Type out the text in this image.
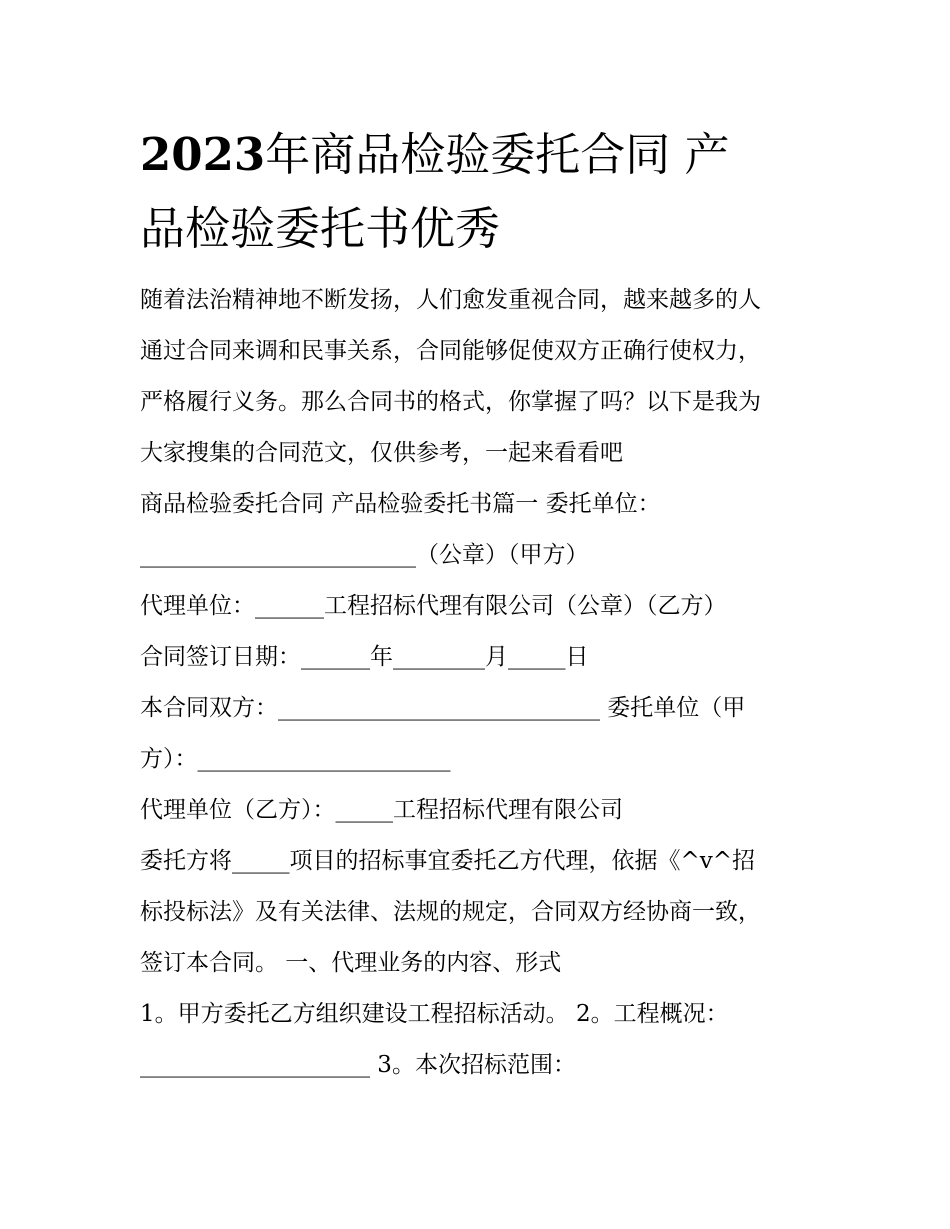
2023年商品检验委托合同 产
品检验委托书优秀
随着法治精神地不断发扬，人们愈发重视合同，越来越多的人
通过合同来调和民事关系，合同能够促使双方正确行使权力，
严格履行义务。那么合同书的格式，你掌握了吗？以下是我为
大家搜集的合同范文，仅供参考，一起来看看吧
商品检验委托合同 产品检验委托书篇一 委托单位：
________________________（公章）（甲方）
代理单位：______工程招标代理有限公司（公章）（乙方）
合同签订日期：______年________月_____日
本合同双方：____________________________ 委托单位（甲
方）：______________________
代理单位（乙方）：_____工程招标代理有限公司
委托方将_____项目的招标事宜委托乙方代理，依据《^v^招
标投标法》及有关法律、法规的规定，合同双方经协商一致，
签订本合同。 一、代理业务的内容、形式
1。甲方委托乙方组织建设工程招标活动。 2。工程概况：
____________________ 3。本次招标范围：
